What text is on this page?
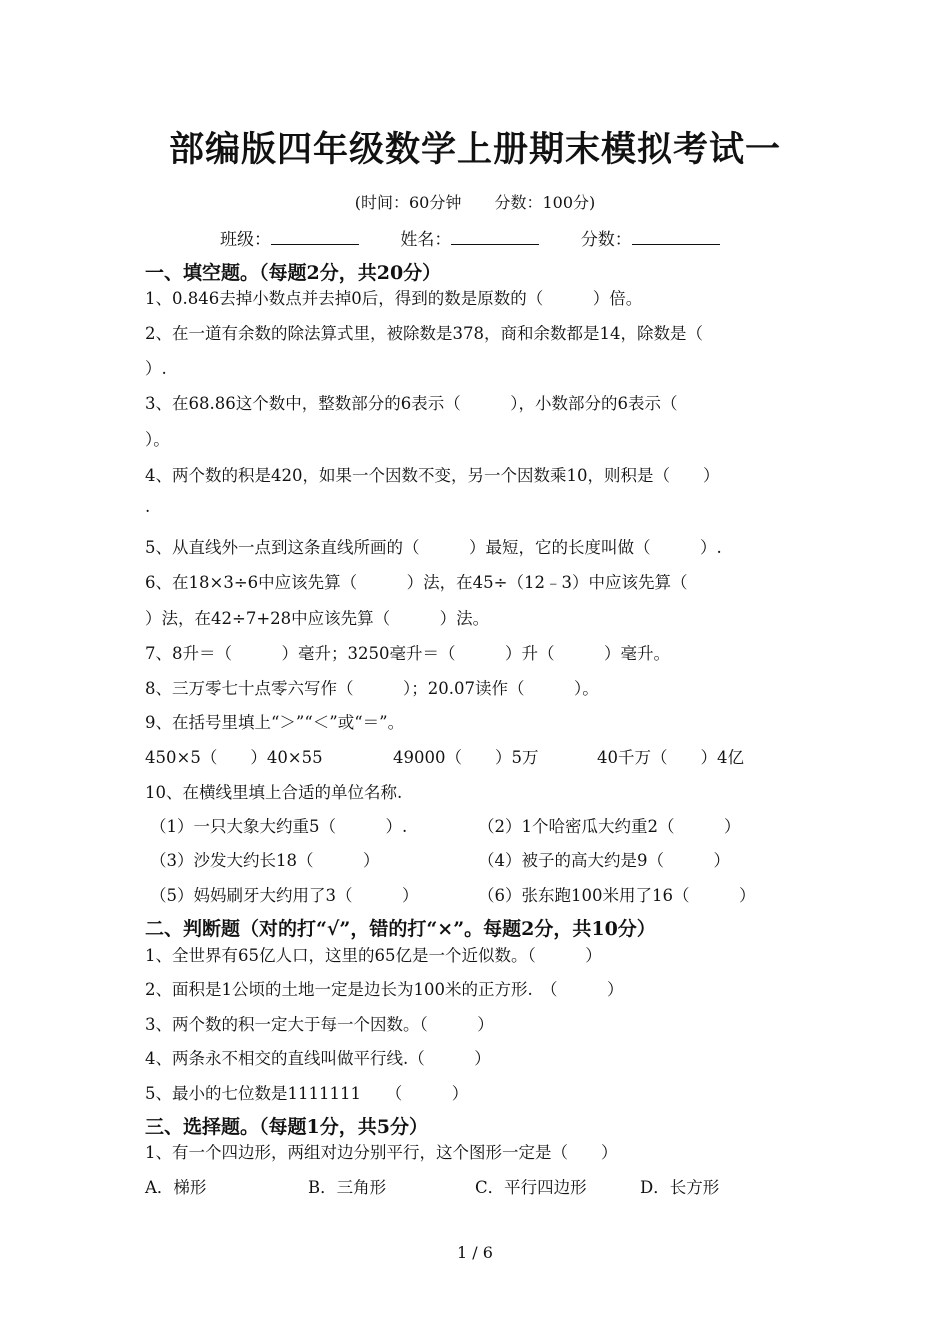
部编版四年级数学上册期末模拟考试一
(时间：60分钟 分数：100分)
班级：	姓名：	分数：
一、填空题。（每题2分，共20分）
1、0.846去掉小数点并去掉0后，得到的数是原数的（　　　）倍。
2、在一道有余数的除法算式里，被除数是378，商和余数都是14，除数是（
）.
3、在68.86这个数中，整数部分的6表示（　　　），小数部分的6表示（
）。
4、两个数的积是420，如果一个因数不变，另一个因数乘10，则积是（　　）
.
5、从直线外一点到这条直线所画的（　　　）最短，它的长度叫做（　　　）.
6、在18×3÷6中应该先算（　　　）法，在45÷（12﹣3）中应该先算（
）法，在42÷7+28中应该先算（　　　）法。
7、8升＝（　　　）毫升；3250毫升＝（　　　）升（　　　）毫升。
8、三万零七十点零六写作（　　　）；20.07读作（　　　）。
9、在括号里填上“＞”“＜”或“＝”。
450×5（　　）40×55	49000（　　）5万	40千万（　　）4亿
10、在横线里填上合适的单位名称.
（1）一只大象大约重5（　　　）.	（2）1个哈密瓜大约重2（　　　）
（3）沙发大约长18（　　　）	（4）被子的高大约是9（　　　）
（5）妈妈刷牙大约用了3（　　　）	（6）张东跑100米用了16（　　　）
二、判断题（对的打“√”，错的打“×”。每题2分，共10分）
1、全世界有65亿人口，这里的65亿是一个近似数。（　　　）
2、面积是1公顷的土地一定是边长为100米的正方形.　（　　　）
3、两个数的积一定大于每一个因数。（　　　）
4、两条永不相交的直线叫做平行线.（　　　）
5、最小的七位数是1111111　　（　　　）
三、选择题。（每题1分，共5分）
1、有一个四边形，两组对边分别平行，这个图形一定是（　　）
A．梯形	B．三角形	C．平行四边形	D．长方形
1 / 6
